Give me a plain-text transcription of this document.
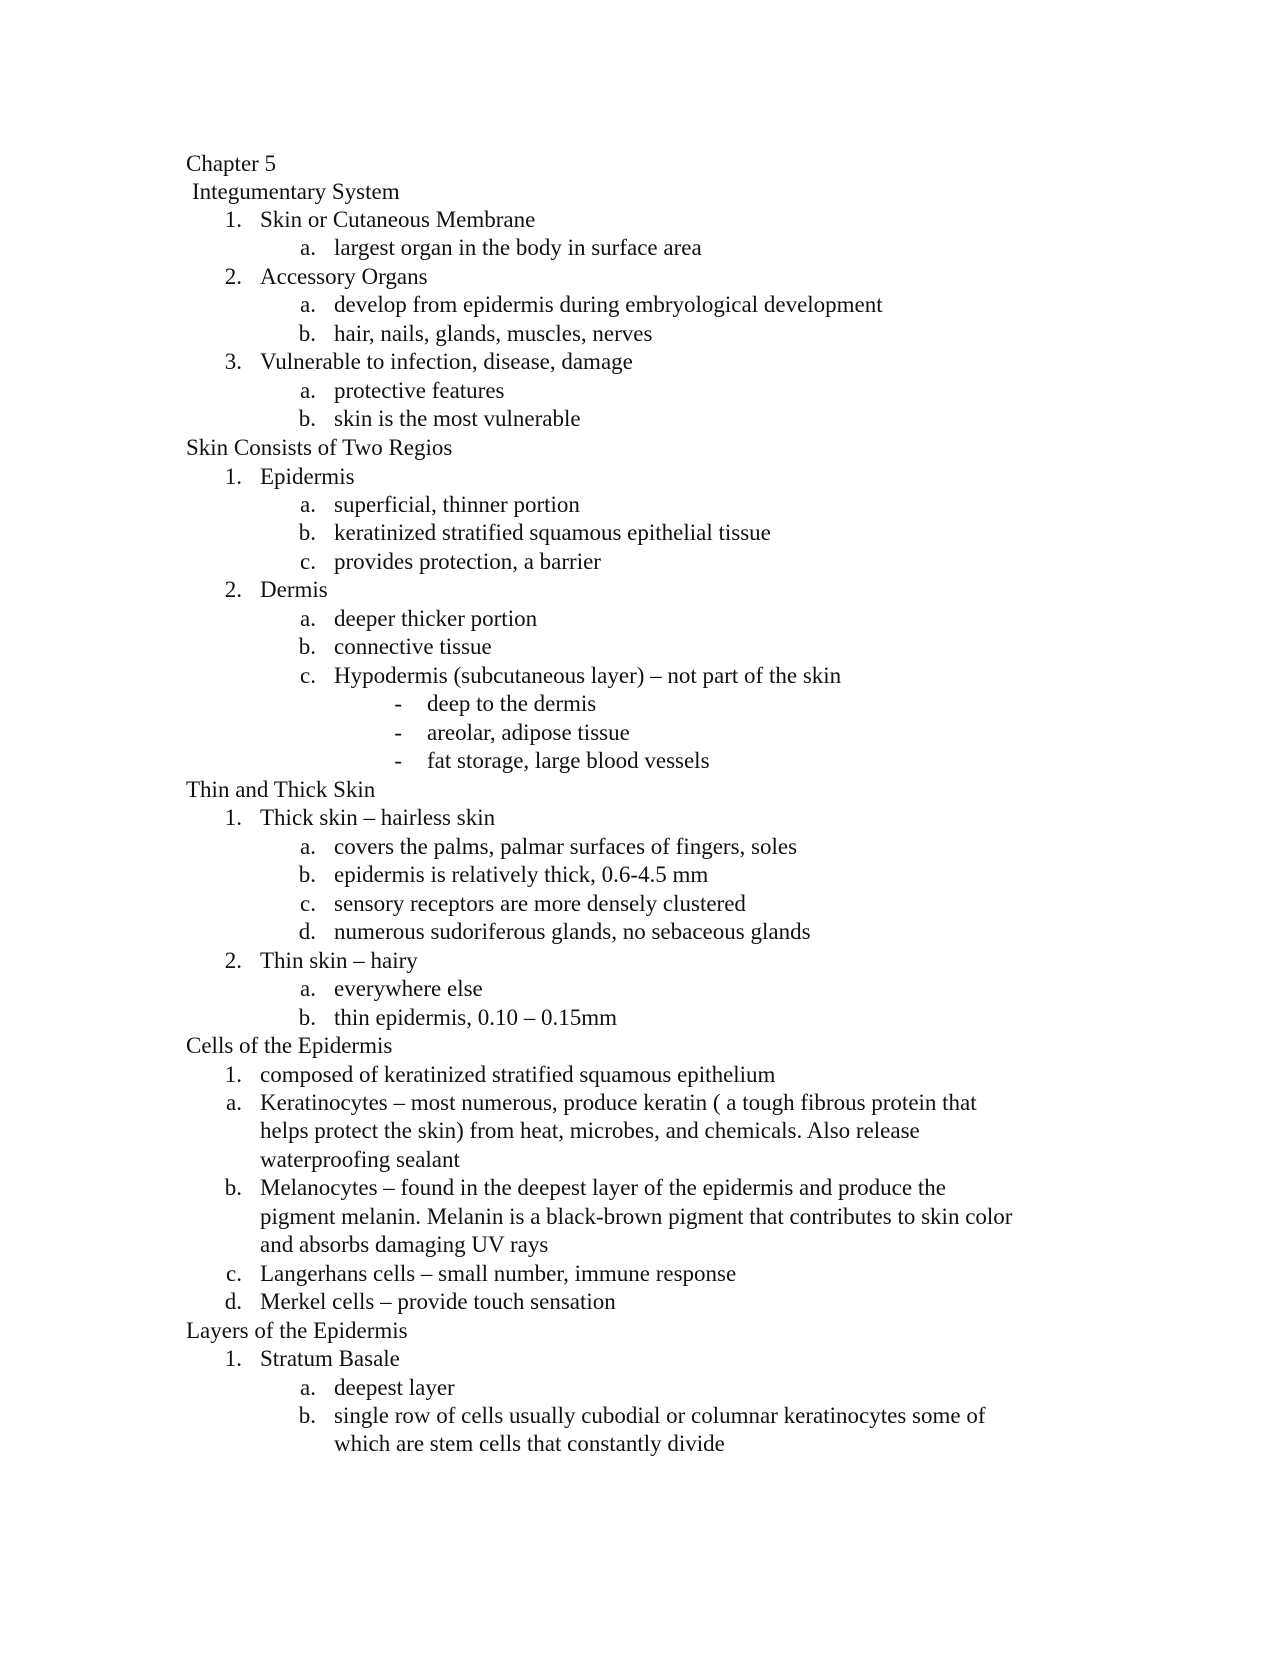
Chapter 5
Integumentary System
1. Skin or Cutaneous Membrane
a. largest organ in the body in surface area
2. Accessory Organs
a. develop from epidermis during embryological development
b. hair, nails, glands, muscles, nerves
3. Vulnerable to infection, disease, damage
a. protective features
b. skin is the most vulnerable
Skin Consists of Two Regios
1. Epidermis
a. superficial, thinner portion
b. keratinized stratified squamous epithelial tissue
c. provides protection, a barrier
2. Dermis
a. deeper thicker portion
b. connective tissue
c. Hypodermis (subcutaneous layer) – not part of the skin
- deep to the dermis
- areolar, adipose tissue
- fat storage, large blood vessels
Thin and Thick Skin
1. Thick skin – hairless skin
a. covers the palms, palmar surfaces of fingers, soles
b. epidermis is relatively thick, 0.6-4.5 mm
c. sensory receptors are more densely clustered
d. numerous sudoriferous glands, no sebaceous glands
2. Thin skin – hairy
a. everywhere else
b. thin epidermis, 0.10 – 0.15mm
Cells of the Epidermis
1. composed of keratinized stratified squamous epithelium
a. Keratinocytes – most numerous, produce keratin ( a tough fibrous protein that
helps protect the skin) from heat, microbes, and chemicals. Also release
waterproofing sealant
b. Melanocytes – found in the deepest layer of the epidermis and produce the
pigment melanin. Melanin is a black-brown pigment that contributes to skin color
and absorbs damaging UV rays
c. Langerhans cells – small number, immune response
d. Merkel cells – provide touch sensation
Layers of the Epidermis
1. Stratum Basale
a. deepest layer
b. single row of cells usually cubodial or columnar keratinocytes some of
which are stem cells that constantly divide
